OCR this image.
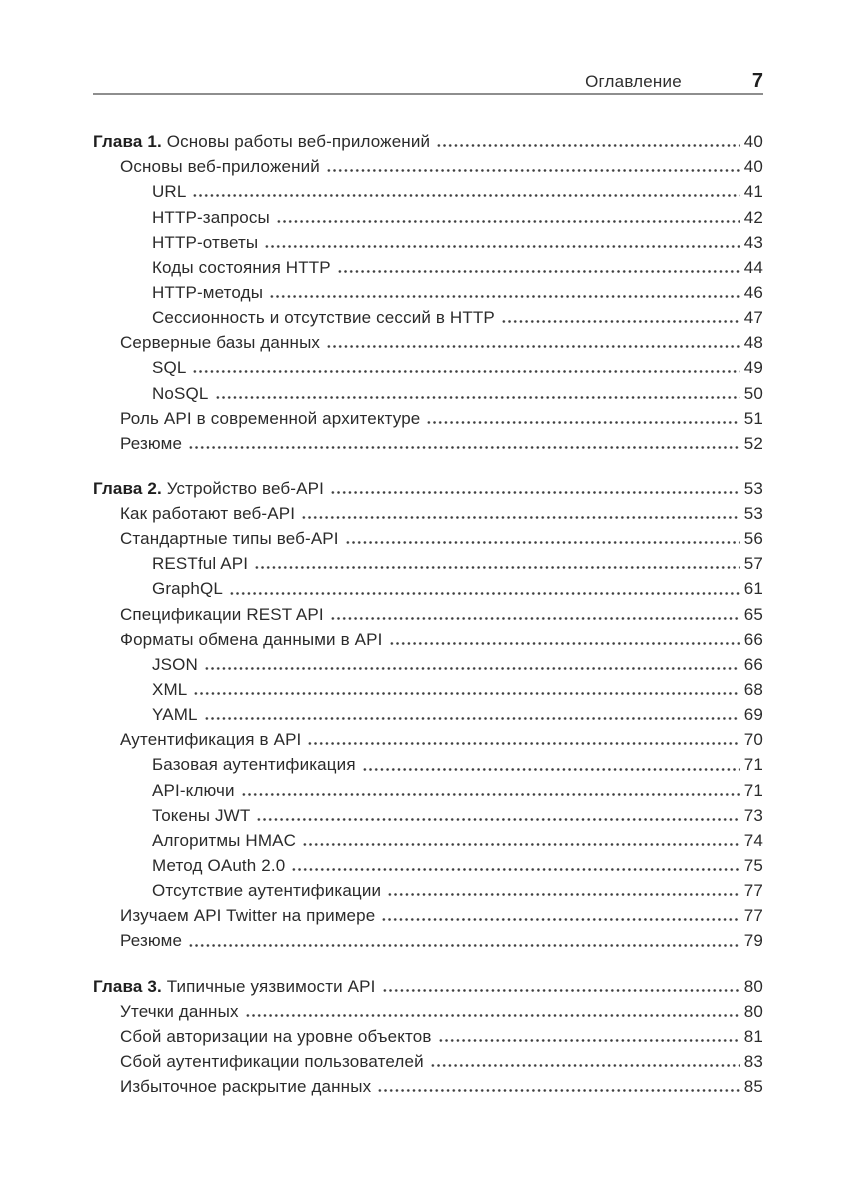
Оглавление	7
Глава 1. Основы работы веб-приложений	40
Основы веб-приложений	40
URL	41
HTTP-запросы	42
HTTP-ответы	43
Коды состояния HTTP	44
HTTP-методы	46
Сессионность и отсутствие сессий в HTTP	47
Серверные базы данных	48
SQL	49
NoSQL	50
Роль API в современной архитектуре	51
Резюме	52
Глава 2. Устройство веб-API	53
Как работают веб-API	53
Стандартные типы веб-API	56
RESTful API	57
GraphQL	61
Спецификации REST API	65
Форматы обмена данными в API	66
JSON	66
XML	68
YAML	69
Аутентификация в API	70
Базовая аутентификация	71
API-ключи	71
Токены JWT	73
Алгоритмы HMAC	74
Метод OAuth 2.0	75
Отсутствие аутентификации	77
Изучаем API Twitter на примере	77
Резюме	79
Глава 3. Типичные уязвимости API	80
Утечки данных	80
Сбой авторизации на уровне объектов	81
Сбой аутентификации пользователей	83
Избыточное раскрытие данных	85
